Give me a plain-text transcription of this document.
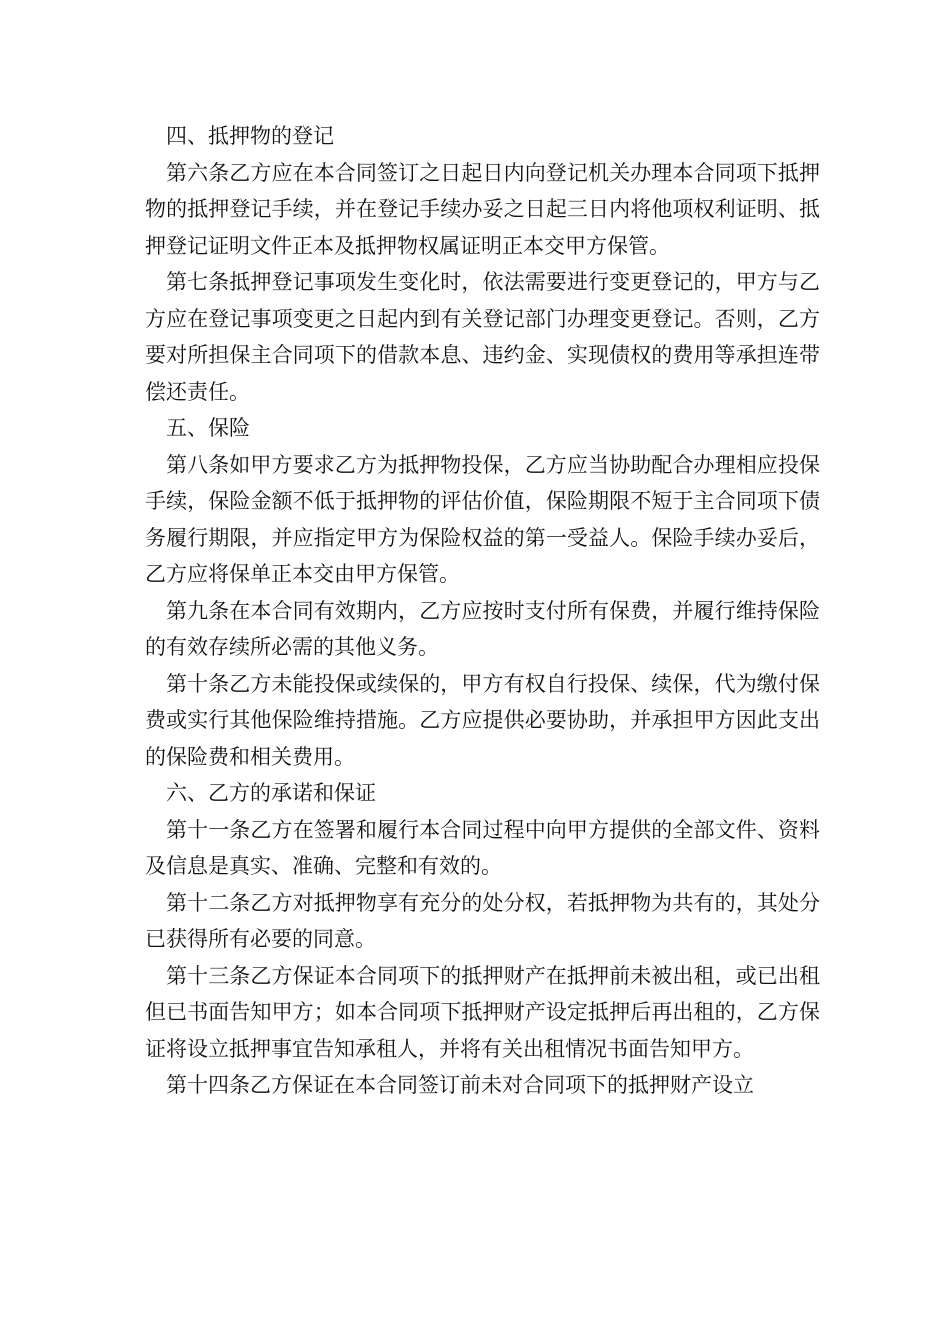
四、抵押物的登记

第六条乙方应在本合同签订之日起日内向登记机关办理本合同项下抵押物的抵押登记手续，并在登记手续办妥之日起三日内将他项权利证明、抵押登记证明文件正本及抵押物权属证明正本交甲方保管。

第七条抵押登记事项发生变化时，依法需要进行变更登记的，甲方与乙方应在登记事项变更之日起内到有关登记部门办理变更登记。否则，乙方要对所担保主合同项下的借款本息、违约金、实现债权的费用等承担连带偿还责任。

五、保险

第八条如甲方要求乙方为抵押物投保，乙方应当协助配合办理相应投保手续，保险金额不低于抵押物的评估价值，保险期限不短于主合同项下债务履行期限，并应指定甲方为保险权益的第一受益人。保险手续办妥后，乙方应将保单正本交由甲方保管。

第九条在本合同有效期内，乙方应按时支付所有保费，并履行维持保险的有效存续所必需的其他义务。

第十条乙方未能投保或续保的，甲方有权自行投保、续保，代为缴付保费或实行其他保险维持措施。乙方应提供必要协助，并承担甲方因此支出的保险费和相关费用。

六、乙方的承诺和保证

第十一条乙方在签署和履行本合同过程中向甲方提供的全部文件、资料及信息是真实、准确、完整和有效的。

第十二条乙方对抵押物享有充分的处分权，若抵押物为共有的，其处分已获得所有必要的同意。

第十三条乙方保证本合同项下的抵押财产在抵押前未被出租，或已出租但已书面告知甲方；如本合同项下抵押财产设定抵押后再出租的，乙方保证将设立抵押事宜告知承租人，并将有关出租情况书面告知甲方。

第十四条乙方保证在本合同签订前未对合同项下的抵押财产设立
